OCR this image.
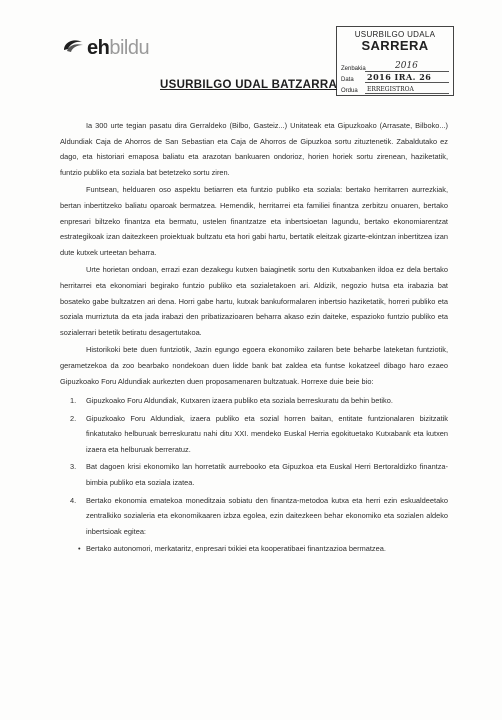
eh bildu
USURBILGO UDALA
SARRERA
Zenbakia	2016
Data	2016 IRA. 26
Ordua	ERREGISTROA
USURBILGO UDAL BATZARRA

Ia 300 urte tegian pasatu dira Gerraldeko (Bilbo, Gasteiz...) Unitateak eta Gipuzkoako (Arrasate, Bilboko...) Aldundiak Caja de Ahorros de San Sebastian eta Caja de Ahorros de Gipuzkoa sortu zituztenetik. Zabaldutako ez dago, eta historiari emaposa baliatu eta arazotan bankuaren ondorioz, horien horiek sortu zirenean, haziketatik, funtzio publiko eta soziala bat betetzeko sortu ziren.

Funtsean, helduaren oso aspektu betiarren eta funtzio publiko eta soziala: bertako herritarren aurrezkiak, bertan inbertitzeko baliatu oparoak bermatzea. Hemendik, herritarrei eta familiei finantza zerbitzu onuaren, bertako enpresari biltzeko finantza eta bermatu, ustelen finantzatze eta inbertsioetan lagundu, bertako ekonomiarentzat estrategikoak izan daitezkeen proiektuak bultzatu eta hori gabi hartu, bertatik eleitzak gizarte-ekintzan inbertitzea izan dute kutxek urteetan beharra.

Urte horietan ondoan, errazi ezan dezakegu kutxen baiaginetik sortu den Kutxabanken ildoa ez dela bertako herritarrei eta ekonomiari begirako funtzio publiko eta sozialetakoen ari. Aldizik, negozio hutsa eta irabazia bat bosateko gabe bultzatzen ari dena. Horri gabe hartu, kutxak bankuformalaren inbertsio haziketatik, horreri publiko eta soziala murriztuta da eta jada irabazi den pribatizazioaren beharra akaso ezin daiteke, espazioko funtzio publiko eta sozialerrari betetik betiratu desagertutakoa.

Historikoki bete duen funtziotik, Jazin egungo egoera ekonomiko zailaren bete beharbe lateketan funtziotik, gerametzekoa da zoo bearbako nondekoan duen lidde bank bat zaldea eta funtse kokatzeel dibago haro ezaeo Gipuzkoako Foru Aldundiak aurkezten duen proposamenaren bultzatuak. Horrexe duie beie bio:

1. Gipuzkoako Foru Aldundiak, Kutxaren izaera publiko eta soziala berreskuratu da behin betiko.
2. Gipuzkoako Foru Aldundiak, izaera publiko eta sozial horren baitan, entitate funtzionalaren bizitzatik finkatutako helburuak berreskuratu nahi ditu XXI. mendeko Euskal Herria egokituetako Kutxabank eta kutxen izaera eta helburuak berreratuz.
3. Bat dagoen krisi ekonomiko lan horretatik aurrebooko eta Gipuzkoa eta Euskal Herri Bertoraldizko finantza-bimbia publiko eta soziala izatea.
4. Bertako ekonomia ematekoa moneditzaia sobiatu den finantza-metodoa kutxa eta herri ezin eskualdeetako zentralkiko sozialeria eta ekonomikaaren izbza egolea, ezin daitezkeen behar ekonomiko eta sozialen aldeko inbertsioak egitea:
• Bertako autonomori, merkataritz, enpresari txikiei eta kooperatibaei finantzazioa bermatzea.
